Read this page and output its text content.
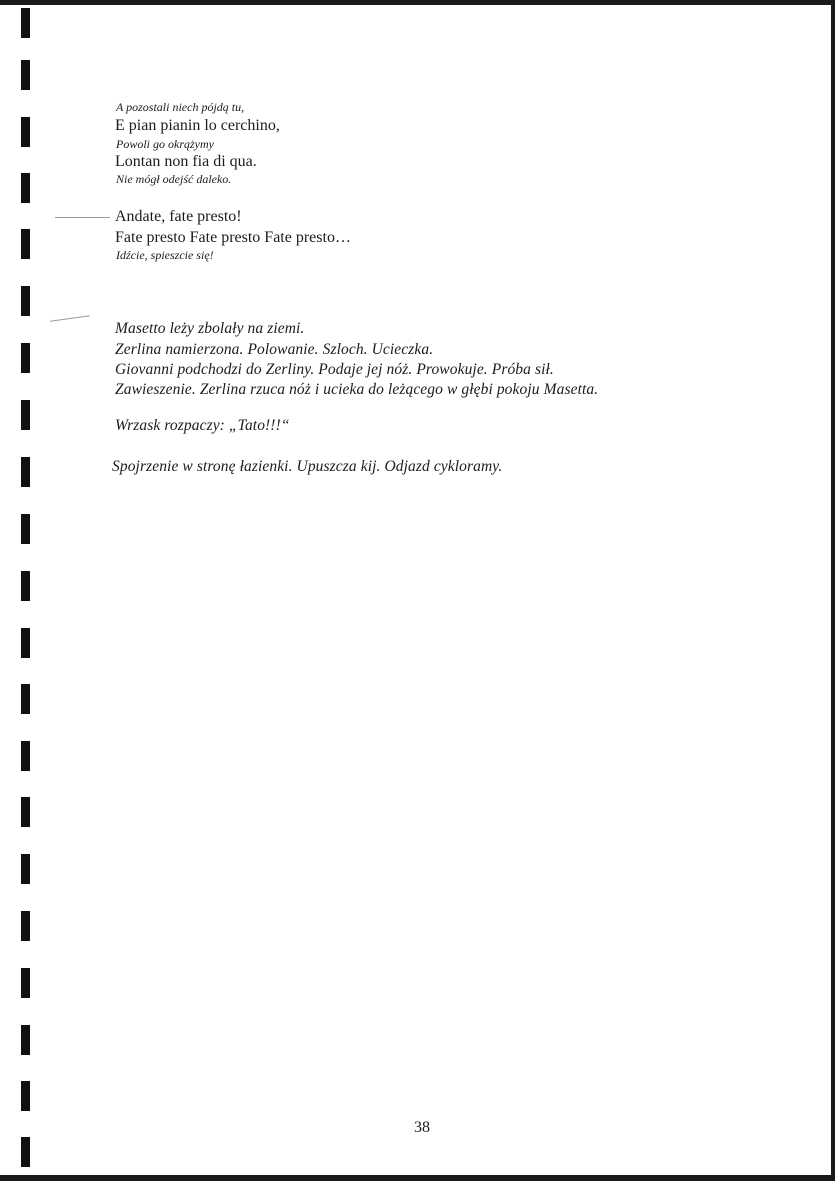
A pozostali niech pójdą tu,
E pian pianin lo cerchino,
Powoli go okrążymy
Lontan non fia di qua.
Nie mógł odejść daleko.
Andate, fate presto!
Fate presto Fate presto Fate presto…
Idźcie, spieszcie się!
Masetto leży zbolały na ziemi.
Zerlina namierzona. Polowanie. Szloch. Ucieczka.
Giovanni podchodzi do Zerliny. Podaje jej nóż. Prowokuje. Próba sił.
Zawieszenie. Zerlina rzuca nóż i ucieka do leżącego w głębi pokoju Masetta.
Wrzask rozpaczy: „Tato!!!“
Spojrzenie w stronę łazienki. Upuszcza kij. Odjazd cykloramy.
38
